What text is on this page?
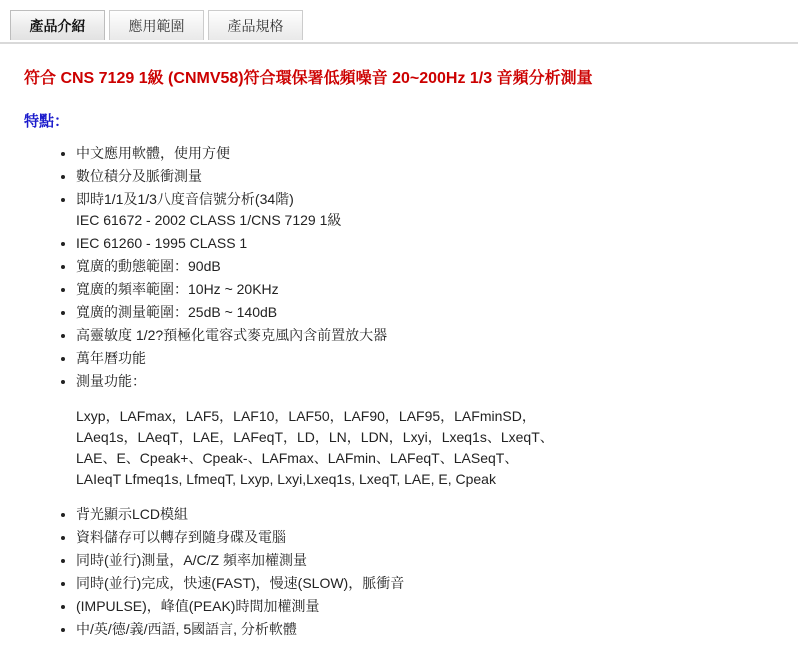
產品介紹	應用範圍	產品規格

符合 CNS 7129 1級 (CNMV58)符合環保署低頻噪音 20~200Hz 1/3 音頻分析測量

特點：

• 中文應用軟體，使用方便
• 數位積分及脈衝測量
• 即時1/1及1/3八度音信號分析(34階)
IEC 61672 - 2002 CLASS 1/CNS 7129 1級
• IEC 61260 - 1995 CLASS 1
• 寬廣的動態範圍：90dB
• 寬廣的頻率範圍：10Hz ~ 20KHz
• 寬廣的測量範圍：25dB ~ 140dB
• 高靈敏度 1/2?預極化電容式麥克風內含前置放大器
• 萬年曆功能
• 測量功能：
Lxyp，LAFmax，LAF5，LAF10，LAF50，LAF90，LAF95，LAFminSD，
LAeq1s，LAeqT，LAE，LAFeqT，LD，LN，LDN，Lxyi，Lxeq1s、LxeqT、
LAE、E、Cpeak+、Cpeak-、LAFmax、LAFmin、LAFeqT、LASeqT、
LAIeqT Lfmeq1s, LfmeqT, Lxyp, Lxyi,Lxeq1s, LxeqT, LAE, E, Cpeak
• 背光顯示LCD模組
• 資料儲存可以轉存到隨身碟及電腦
• 同時(並行)測量，A/C/Z 頻率加權測量
• 同時(並行)完成，快速(FAST)，慢速(SLOW)，脈衝音
• (IMPULSE)，峰值(PEAK)時間加權測量
• 中/英/德/義/西語, 5國語言, 分析軟體
